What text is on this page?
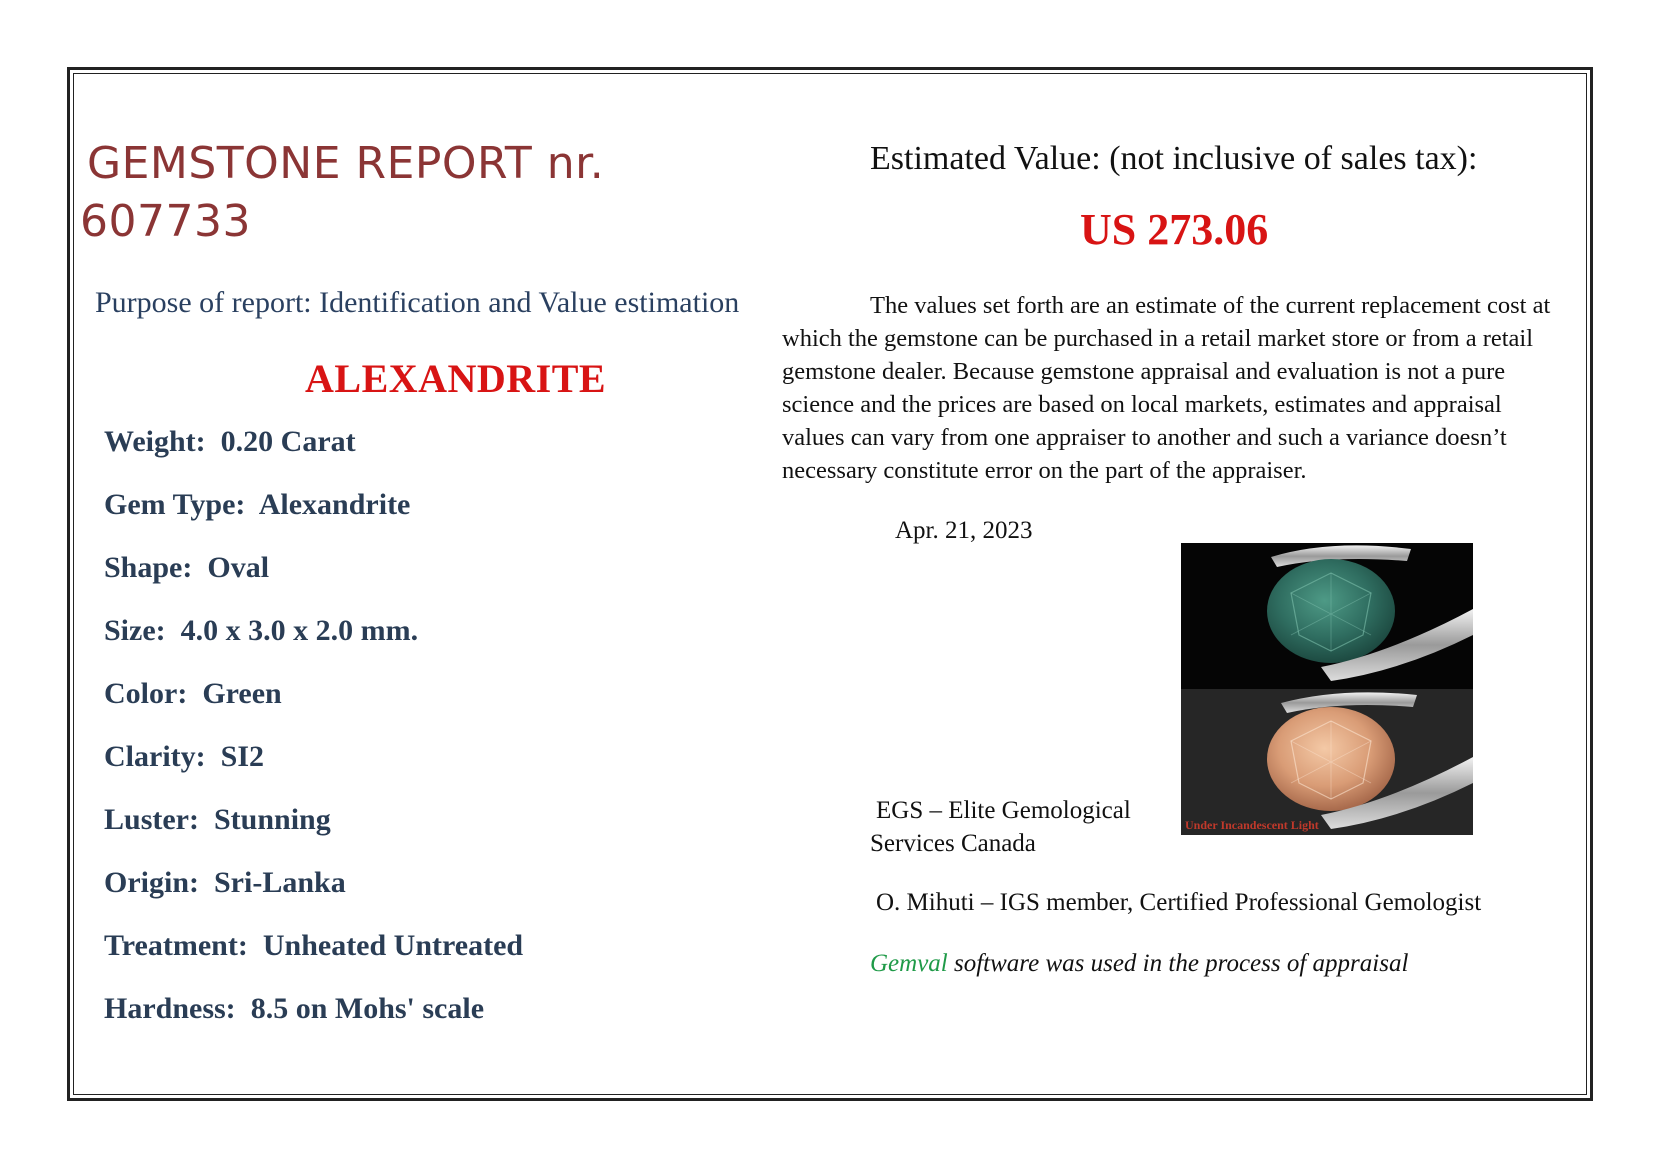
GEMSTONE REPORT nr.
607733
Purpose of report: Identification and Value estimation
ALEXANDRITE
Weight: 0.20 Carat
Gem Type: Alexandrite
Shape: Oval
Size: 4.0 x 3.0 x 2.0 mm.
Color: Green
Clarity: SI2
Luster: Stunning
Origin: Sri-Lanka
Treatment: Unheated Untreated
Hardness: 8.5 on Mohs' scale
Estimated Value: (not inclusive of sales tax):
US 273.06
The values set forth are an estimate of the current replacement cost at which the gemstone can be purchased in a retail market store or from a retail gemstone dealer. Because gemstone appraisal and evaluation is not a pure science and the prices are based on local markets, estimates and appraisal values can vary from one appraiser to another and such a variance doesn’t necessary constitute error on the part of the appraiser.
Apr. 21, 2023
Under Incandescent Light
EGS – Elite Gemological
Services Canada
O. Mihuti – IGS member, Certified Professional Gemologist
Gemval software was used in the process of appraisal
